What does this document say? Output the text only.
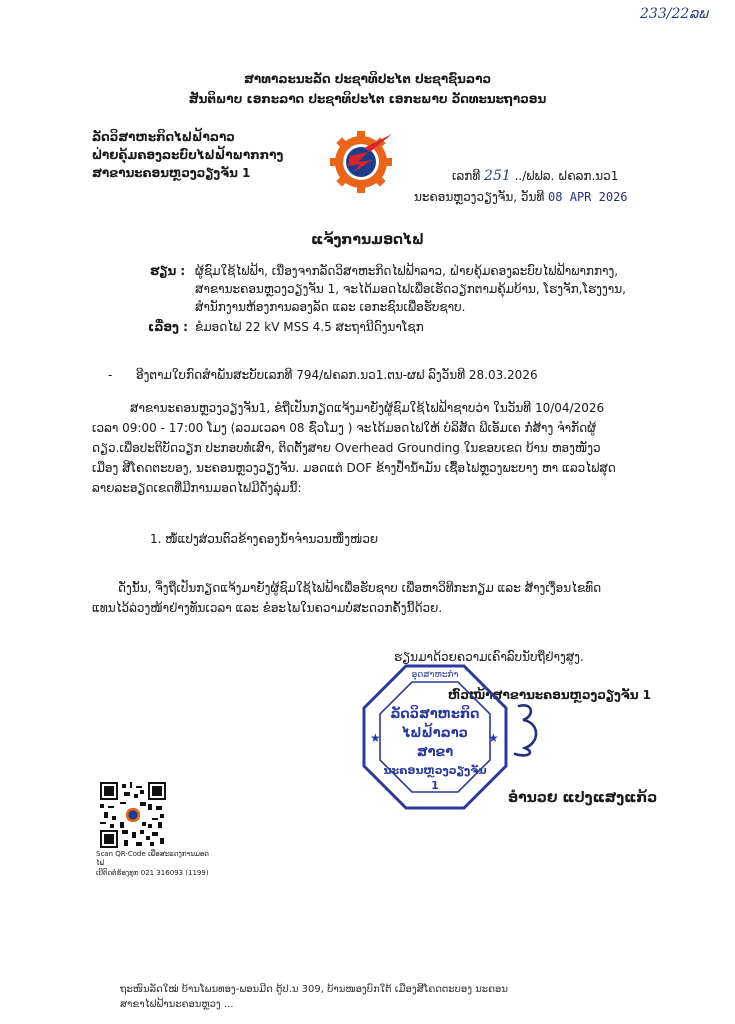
233/22ລພ
ສາທາລະນະລັດ ປະຊາທິປະໄຕ ປະຊາຊົນລາວ
ສັນຕິພາບ ເອກະລາດ ປະຊາທິປະໄຕ ເອກະພາບ ວັດທະນະຖາວອນ
ລັດວິສາຫະກິດໄຟຟ້າລາວ
ຝ່າຍຄຸ້ມຄອງລະບົບໄຟຟ້າພາກກາງ
ສາຂານະຄອນຫຼວງວຽງຈັນ 1	ເລກທີ 251 ../ຟຟລ. ຝຄລກ.ນວ1
ນະຄອນຫຼວງວຽງຈັນ, ວັນທີ 08 APR 2026
ແຈ້ງການມອດໄຟ
ຮຽນ : ຜູ້ຊົມໃຊ້ໄຟຟ້າ, ເນື່ອງຈາກລັດວິສາຫະກິດໄຟຟ້າລາວ, ຝ່າຍຄຸ້ມຄອງລະບົບໄຟຟ້າພາກກາງ,
ສາຂານະຄອນຫຼວງວຽງຈັນ 1, ຈະໄດ້ມອດໄຟເພື່ອເຮັດວຽກຕາມຄຸ້ມບ້ານ, ໂຮງຈັກ,ໂຮງງານ,
ສຳນັກງານຫ້ອງການລອງລັດ ແລະ ເອກະຊົນເພື່ອຮັບຊາບ.
ເລື່ອງ : ຂໍມອດໄຟ 22 kV MSS 4.5 ສະຖານີດົງນາໂຊກ
- ອີງຕາມໃບກົດສຳພັນສະບັບເລກທີ 794/ຝຄລກ.ນວ1.ຕນ-ຜຟ ລົງວັນທີ 28.03.2026
ສາຂານະຄອນຫຼວງວຽງຈັນ1, ຂໍຖືເປັນກຽດແຈ້ງມາຍັງຜູ້ຊົມໃຊ້ໄຟຟ້າຊາບວ່າ ໃນວັນທີ 10/04/2026
ເວລາ 09:00 - 17:00 ໂມງ (ລວມເວລາ 08 ຊົ່ວໂມງ ) ຈະໄດ້ມອດໄຟໃຫ້ ບໍລິສັດ ພີເອັມເຄ ກໍ່ສ້າງ ຈຳກັດຜູ້
ດຽວ.ເພື່ອປະຕິບັດວຽກ ປະກອບທໍ່ເສົາ, ຕິດຕັ້ງສາຍ Overhead Grounding ໃນຂອບເຂດ ບ້ານ ຫອງໜັງວ
ເມືອງ ສີໂຄດຕະບອງ, ນະຄອນຫຼວງວຽງຈັນ. ມອດແຕ່ DOF ຂ້າງປ້ຳນ້ຳມັນ ເຊື້ອໄຟຫຼວງພະບາງ ຫາ ແລວໄຟສຸດ
ລາຍລະອຽດເຂດທີ່ມີການມອດໄຟມີດັ່ງລຸ່ມນີ້:
1. ໜໍ້ແປງສ່ວນຕົວຂ້າງຄອງນ້ຳຈຳນວນໜຶ່ງໜ່ວຍ
ດັ່ງນັ້ນ, ຈຶ່ງຖືເປັນກຽດແຈ້ງມາຍັງຜູ້ຊົມໃຊ້ໄຟຟ້າເພື່ອຮັບຊາບ ເພື່ອຫາວິທີກະກຽມ ແລະ ສ້າງເງື່ອນໄຂທົດ
ແທນໄວ້ລ່ວງໜ້າຢ່າງທັນເວລາ ແລະ ຂໍອະໄພໃນຄວາມບໍ່ສະດວກຄັ້ງນີ້ດ້ວຍ.
ຮຽນມາດ້ວຍຄວາມເຄົາລົບນັບຖືຢ່າງສູງ.
ຫົວໜ້າສາຂານະຄອນຫຼວງວຽງຈັນ 1
★	★
ອຸດສາຫະກຳ
ລັດວິສາຫະກິດ
ໄຟຟ້າລາວ ສາຂາ
ນະຄອນຫຼວງວຽງຈັນ 1
ອຳນວຍ ແປງແສງແກ້ວ
Scan QR-Code ເພື່ອສະແດງການມອດໄຟ
ເບີຕິດຕໍ່ຮ້ອງທຸກ 021 316093 (1199)
ຖະໜົນລັດໃໝ່ ບ້ານໂພນທອງ-ພອນມີດ ຕູ້ປ.ນ 309, ບ້ານໜອງບົກໃຕ້ ເມືອງສີໂຄດຕະບອງ ນະຄອນ
ສາຂາໄຟຟ້ານະຄອນຫຼວງ ...
